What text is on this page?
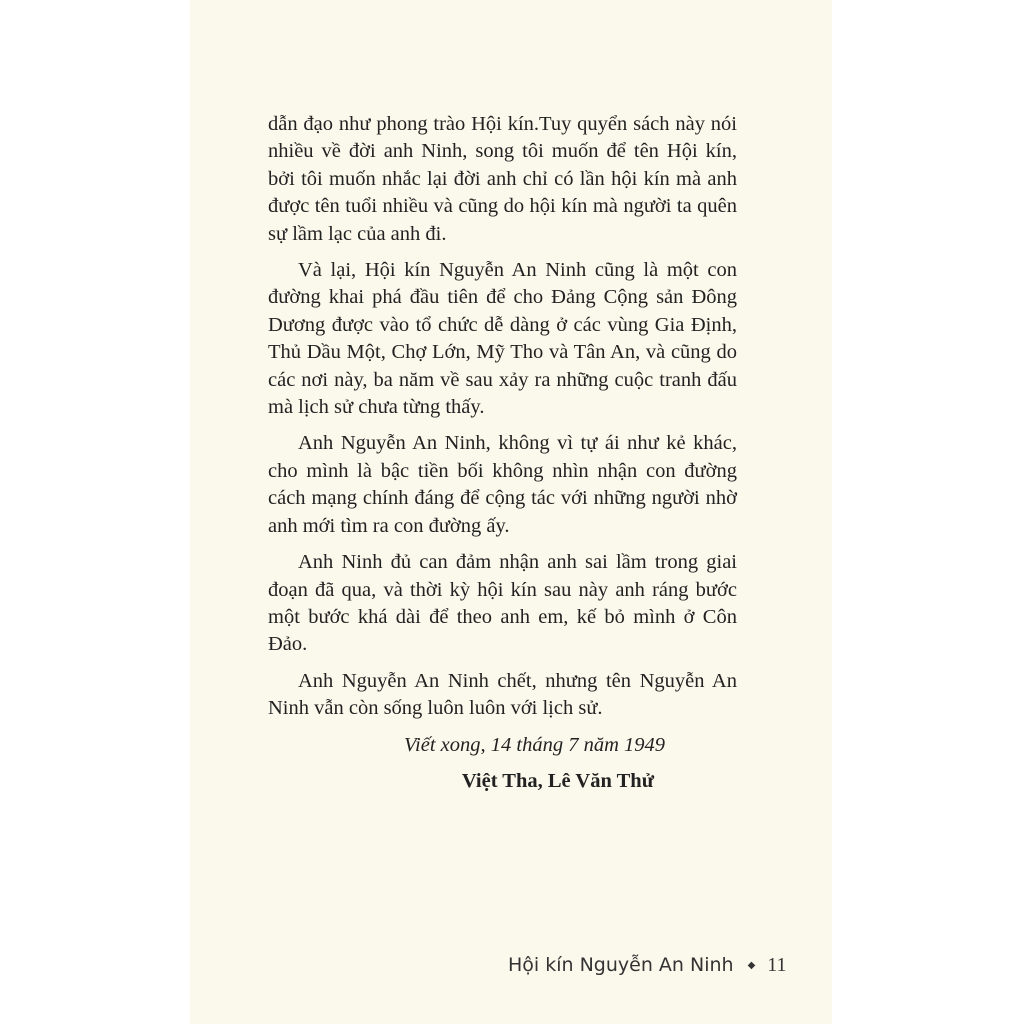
dẫn đạo như phong trào Hội kín.Tuy quyển sách này nói nhiều về đời anh Ninh, song tôi muốn để tên Hội kín, bởi tôi muốn nhắc lại đời anh chỉ có lần hội kín mà anh được tên tuổi nhiều và cũng do hội kín mà người ta quên sự lầm lạc của anh đi.

Và lại, Hội kín Nguyễn An Ninh cũng là một con đường khai phá đầu tiên để cho Đảng Cộng sản Đông Dương được vào tổ chức dễ dàng ở các vùng Gia Định, Thủ Dầu Một, Chợ Lớn, Mỹ Tho và Tân An, và cũng do các nơi này, ba năm về sau xảy ra những cuộc tranh đấu mà lịch sử chưa từng thấy.

Anh Nguyễn An Ninh, không vì tự ái như kẻ khác, cho mình là bậc tiền bối không nhìn nhận con đường cách mạng chính đáng để cộng tác với những người nhờ anh mới tìm ra con đường ấy.

Anh Ninh đủ can đảm nhận anh sai lầm trong giai đoạn đã qua, và thời kỳ hội kín sau này anh ráng bước một bước khá dài để theo anh em, kế bỏ mình ở Côn Đảo.

Anh Nguyễn An Ninh chết, nhưng tên Nguyễn An Ninh vẫn còn sống luôn luôn với lịch sử.

Viết xong, 14 tháng 7 năm 1949

Việt Tha, Lê Văn Thử

Hội kín Nguyễn An Ninh ◆ 11
